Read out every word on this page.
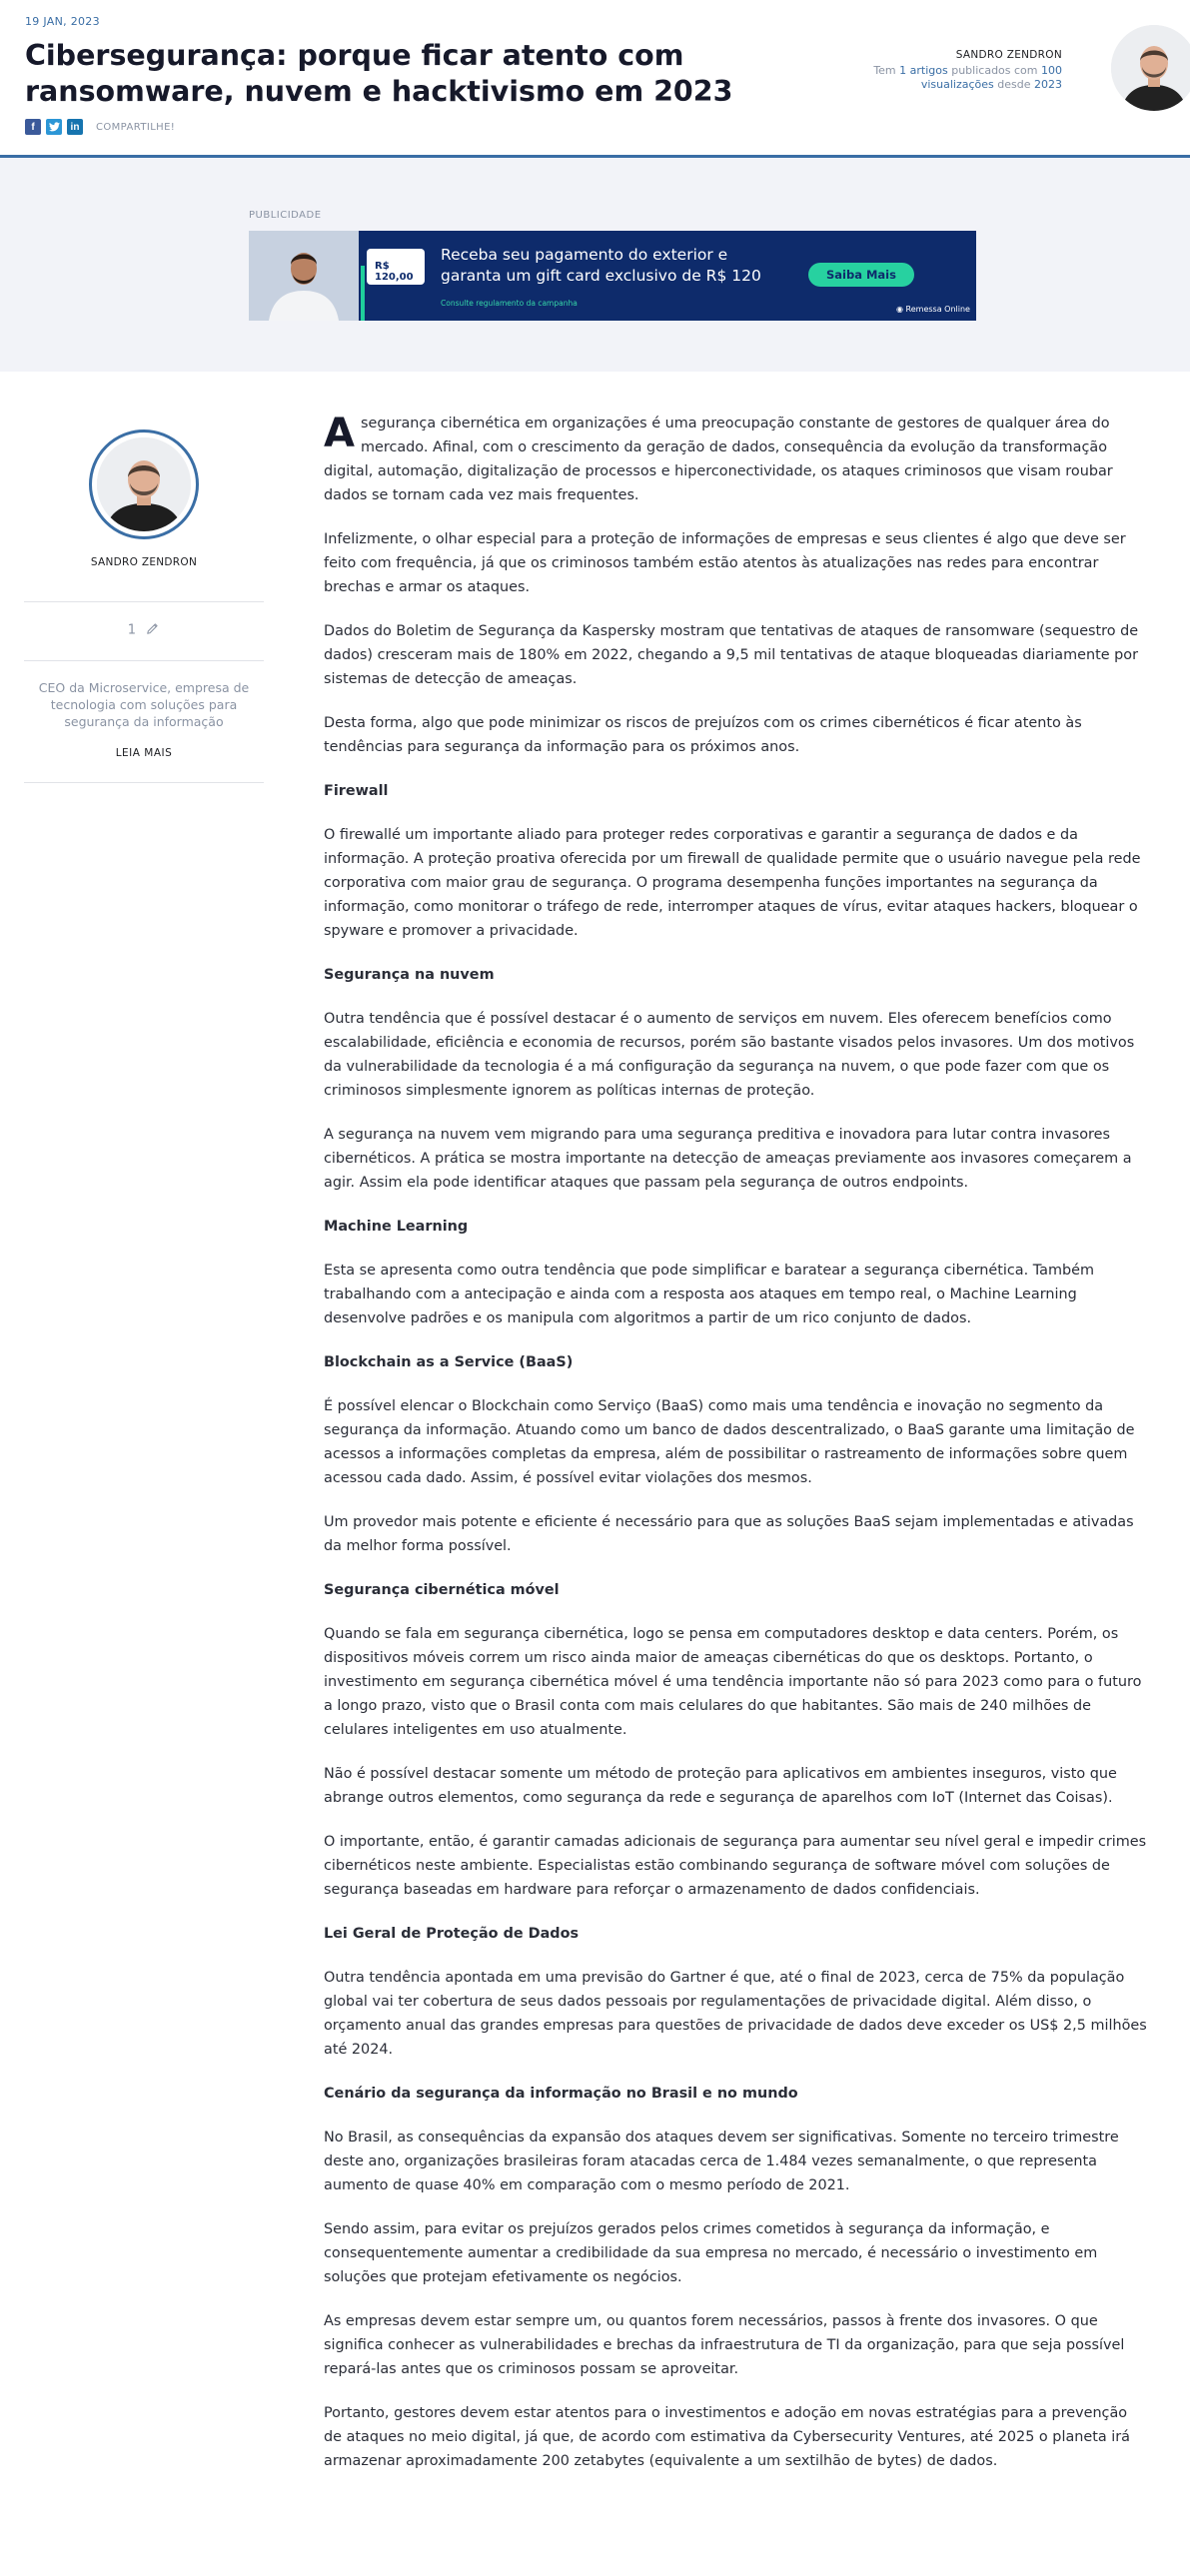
19 JAN, 2023
Cibersegurança: porque ficar atento com ransomware, nuvem e hacktivismo em 2023
f	in	COMPARTILHE!
SANDRO ZENDRON
Tem 1 artigos publicados com 100
visualizações desde 2023
PUBLICIDADE
R$ 120,00
Receba seu pagamento do exterior e garanta um gift card exclusivo de R$ 120
Consulte regulamento da campanha
Saiba Mais
◉ Remessa Online
SANDRO ZENDRON
1
CEO da Microservice, empresa de tecnologia com soluções para segurança da informação
LEIA MAIS

A segurança cibernética em organizações é uma preocupação constante de gestores de qualquer área do mercado. Afinal, com o crescimento da geração de dados, consequência da evolução da transformação digital, automação, digitalização de processos e hiperconectividade, os ataques criminosos que visam roubar dados se tornam cada vez mais frequentes.

Infelizmente, o olhar especial para a proteção de informações de empresas e seus clientes é algo que deve ser feito com frequência, já que os criminosos também estão atentos às atualizações nas redes para encontrar brechas e armar os ataques.

Dados do Boletim de Segurança da Kaspersky mostram que tentativas de ataques de ransomware (sequestro de dados) cresceram mais de 180% em 2022, chegando a 9,5 mil tentativas de ataque bloqueadas diariamente por sistemas de detecção de ameaças.

Desta forma, algo que pode minimizar os riscos de prejuízos com os crimes cibernéticos é ficar atento às tendências para segurança da informação para os próximos anos.

Firewall

O firewallé um importante aliado para proteger redes corporativas e garantir a segurança de dados e da informação. A proteção proativa oferecida por um firewall de qualidade permite que o usuário navegue pela rede corporativa com maior grau de segurança. O programa desempenha funções importantes na segurança da informação, como monitorar o tráfego de rede, interromper ataques de vírus, evitar ataques hackers, bloquear o spyware e promover a privacidade.

Segurança na nuvem

Outra tendência que é possível destacar é o aumento de serviços em nuvem. Eles oferecem benefícios como escalabilidade, eficiência e economia de recursos, porém são bastante visados pelos invasores. Um dos motivos da vulnerabilidade da tecnologia é a má configuração da segurança na nuvem, o que pode fazer com que os criminosos simplesmente ignorem as políticas internas de proteção.

A segurança na nuvem vem migrando para uma segurança preditiva e inovadora para lutar contra invasores cibernéticos. A prática se mostra importante na detecção de ameaças previamente aos invasores começarem a agir. Assim ela pode identificar ataques que passam pela segurança de outros endpoints.

Machine Learning

Esta se apresenta como outra tendência que pode simplificar e baratear a segurança cibernética. Também trabalhando com a antecipação e ainda com a resposta aos ataques em tempo real, o Machine Learning desenvolve padrões e os manipula com algoritmos a partir de um rico conjunto de dados.

Blockchain as a Service (BaaS)

É possível elencar o Blockchain como Serviço (BaaS) como mais uma tendência e inovação no segmento da segurança da informação. Atuando como um banco de dados descentralizado, o BaaS garante uma limitação de acessos a informações completas da empresa, além de possibilitar o rastreamento de informações sobre quem acessou cada dado. Assim, é possível evitar violações dos mesmos.

Um provedor mais potente e eficiente é necessário para que as soluções BaaS sejam implementadas e ativadas da melhor forma possível.

Segurança cibernética móvel

Quando se fala em segurança cibernética, logo se pensa em computadores desktop e data centers. Porém, os dispositivos móveis correm um risco ainda maior de ameaças cibernéticas do que os desktops. Portanto, o investimento em segurança cibernética móvel é uma tendência importante não só para 2023 como para o futuro a longo prazo, visto que o Brasil conta com mais celulares do que habitantes. São mais de 240 milhões de celulares inteligentes em uso atualmente.

Não é possível destacar somente um método de proteção para aplicativos em ambientes inseguros, visto que abrange outros elementos, como segurança da rede e segurança de aparelhos com IoT (Internet das Coisas).

O importante, então, é garantir camadas adicionais de segurança para aumentar seu nível geral e impedir crimes cibernéticos neste ambiente. Especialistas estão combinando segurança de software móvel com soluções de segurança baseadas em hardware para reforçar o armazenamento de dados confidenciais.

Lei Geral de Proteção de Dados

Outra tendência apontada em uma previsão do Gartner é que, até o final de 2023, cerca de 75% da população global vai ter cobertura de seus dados pessoais por regulamentações de privacidade digital. Além disso, o orçamento anual das grandes empresas para questões de privacidade de dados deve exceder os US$ 2,5 milhões até 2024.

Cenário da segurança da informação no Brasil e no mundo

No Brasil, as consequências da expansão dos ataques devem ser significativas. Somente no terceiro trimestre deste ano, organizações brasileiras foram atacadas cerca de 1.484 vezes semanalmente, o que representa aumento de quase 40% em comparação com o mesmo período de 2021.

Sendo assim, para evitar os prejuízos gerados pelos crimes cometidos à segurança da informação, e consequentemente aumentar a credibilidade da sua empresa no mercado, é necessário o investimento em soluções que protejam efetivamente os negócios.

As empresas devem estar sempre um, ou quantos forem necessários, passos à frente dos invasores. O que significa conhecer as vulnerabilidades e brechas da infraestrutura de TI da organização, para que seja possível repará-las antes que os criminosos possam se aproveitar.

Portanto, gestores devem estar atentos para o investimentos e adoção em novas estratégias para a prevenção de ataques no meio digital, já que, de acordo com estimativa da Cybersecurity Ventures, até 2025 o planeta irá armazenar aproximadamente 200 zetabytes (equivalente a um sextilhão de bytes) de dados.
